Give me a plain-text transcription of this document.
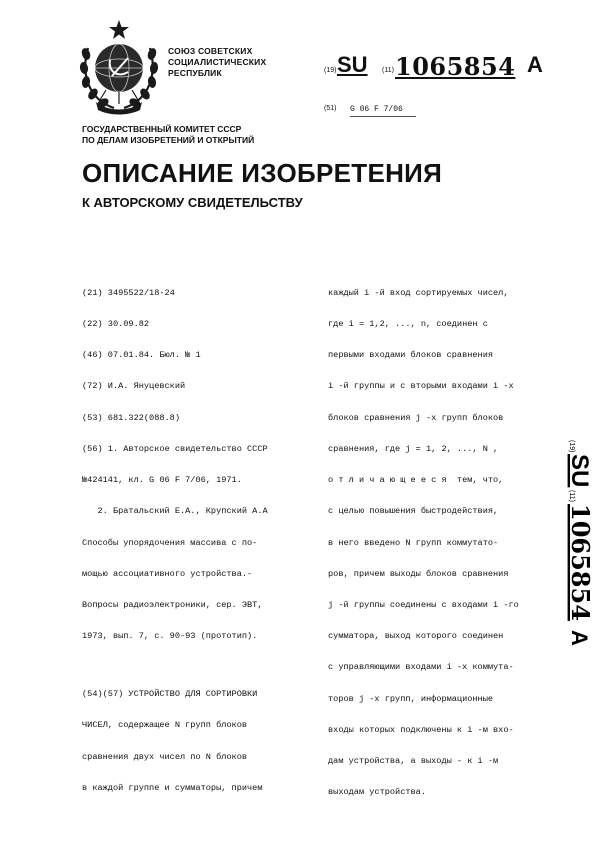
СОЮЗ СОВЕТСКИХ
СОЦИАЛИСТИЧЕСКИХ
РЕСПУБЛИК	(19) SU (11) 1065854 A
(51) G 06 F 7/06
ГОСУДАРСТВЕННЫЙ КОМИТЕТ СССР
ПО ДЕЛАМ ИЗОБРЕТЕНИЙ И ОТКРЫТИЙ
ОПИСАНИЕ ИЗОБРЕТЕНИЯ
К АВТОРСКОМУ СВИДЕТЕЛЬСТВУ

(21) 3495522/18-24

(22) 30.09.82

(46) 07.01.84. Бюл. № 1

(72) И.А. Януцевский

(53) 681.322(088.8)

(56) 1. Авторское свидетельство СССР

№424141, кл. G 06 F 7/06, 1971.

2. Братальский Е.А., Крупский А.А

Способы упорядочения массива с по-

мощью ассоциативного устройства.-

Вопросы радиоэлектроники, сер. ЭВТ,

1973, вып. 7, с. 90-93 (прототип).

(54)(57) УСТРОЙСТВО ДЛЯ СОРТИРОВКИ

ЧИСЕЛ, содержащее N групп блоков

сравнения двух чисел по N блоков

в каждой группе и сумматоры, причем

каждый i -й вход сортируемых чисел,

где i = 1,2, ..., n, соединен с

первыми входами блоков сравнения

i -й группы и с вторыми входами i -х

блоков сравнения j -х групп блоков

сравнения, где j = 1, 2, ..., N ,

о т л и ч а ю щ е е с я  тем, что,

с целью повышения быстродействия,

в него введено N групп коммутато-

ров, причем выходы блоков сравнения

j -й группы соединены с входами i -го

сумматора, выход которого соединен

с управляющими входами i -х коммута-

торов j -х групп, информационные

входы которых подключены к i -м вхо-

дам устройства, а выходы - к i -м

выходам устройства.

(19)
SU
(11)
1065854
A
